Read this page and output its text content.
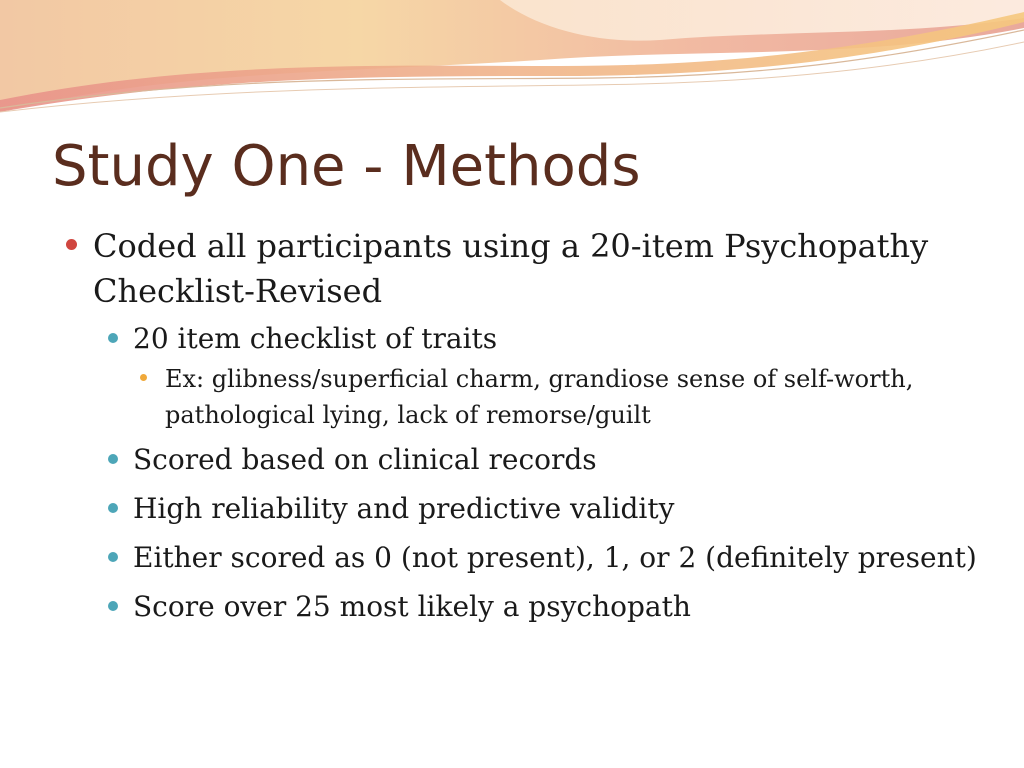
Study One - Methods
Coded all participants using a 20-item Psychopathy Checklist-Revised
20 item checklist of traits
Ex: glibness/superficial charm, grandiose sense of self-worth, pathological lying, lack of remorse/guilt
Scored based on clinical records
High reliability and predictive validity
Either scored as 0 (not present), 1, or 2 (definitely present)
Score over 25 most likely a psychopath
